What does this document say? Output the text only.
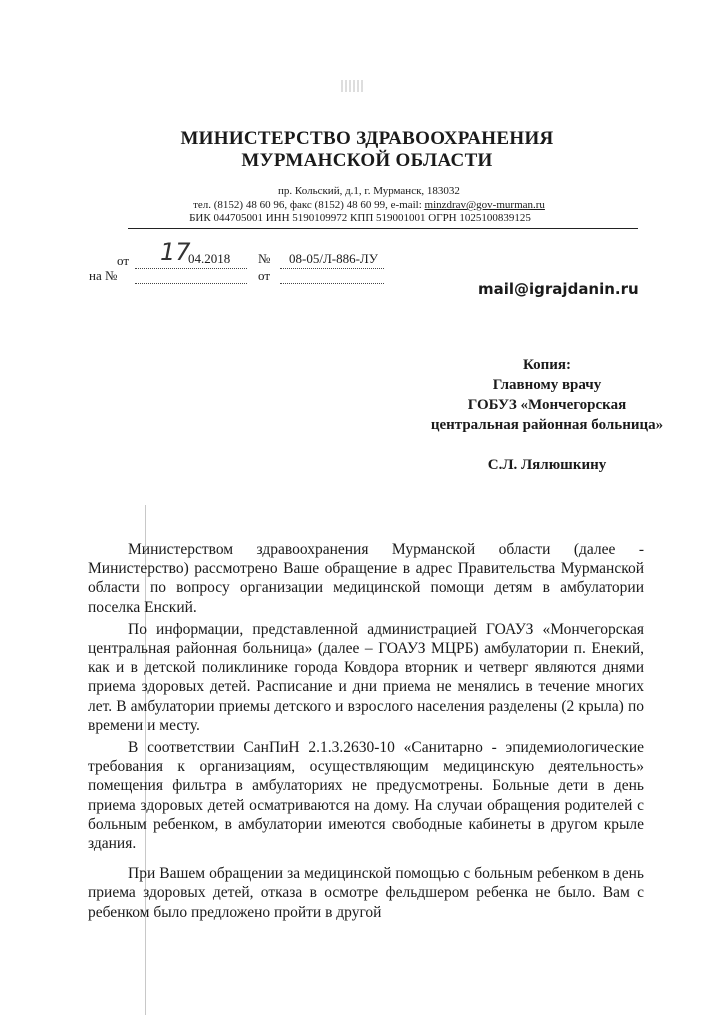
МИНИСТЕРСТВО ЗДРАВООХРАНЕНИЯ
МУРМАНСКОЙ ОБЛАСТИ
пр. Кольский, д.1, г. Мурманск, 183032
тел. (8152) 48 60 96, факс (8152) 48 60 99, e-mail: minzdrav@gov-murman.ru
БИК 044705001 ИНН 5190109972 КПП 519001001 ОГРН 1025100839125
от 17
04.2018 № 08-05/Л-886-ЛУ
на №	от
mail@igrajdanin.ru
Копия:
Главному врачу
ГОБУЗ «Мончегорская
центральная районная больница»
С.Л. Лялюшкину

Министерством здравоохранения Мурманской области (далее - Министерство) рассмотрено Ваше обращение в адрес Правительства Мурманской области по вопросу организации медицинской помощи детям в амбулатории поселка Енский.

По информации, представленной администрацией ГОАУЗ «Мончегорская центральная районная больница» (далее – ГОАУЗ МЦРБ) амбулатории п. Енекий, как и в детской поликлинике города Ковдора вторник и четверг являются днями приема здоровых детей. Расписание и дни приема не менялись в течение многих лет. В амбулатории приемы детского и взрослого населения разделены (2 крыла) по времени и месту.

В соответствии СанПиН 2.1.3.2630-10 «Санитарно - эпидемиологические требования к организациям, осуществляющим медицинскую деятельность» помещения фильтра в амбулаториях не предусмотрены. Больные дети в день приема здоровых детей осматриваются на дому. На случаи обращения родителей с больным ребенком, в амбулатории имеются свободные кабинеты в другом крыле здания.

При Вашем обращении за медицинской помощью с больным ребенком в день приема здоровых детей, отказа в осмотре фельдшером ребенка не было. Вам с ребенком было предложено пройти в другой
